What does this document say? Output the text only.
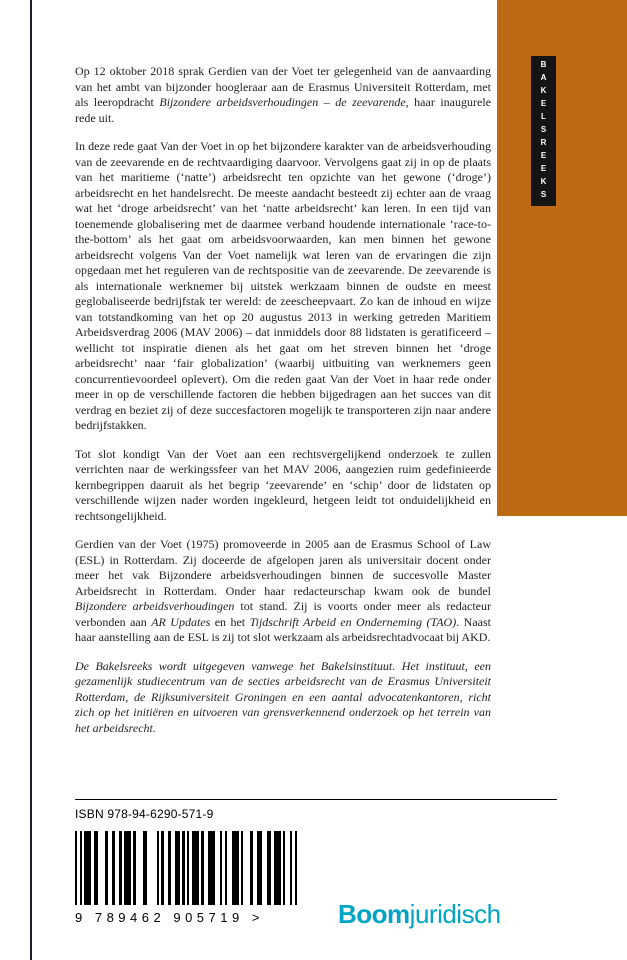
BAKELSREEKS

Op 12 oktober 2018 sprak Gerdien van der Voet ter gelegenheid van de aanvaarding van het ambt van bijzonder hoogleraar aan de Erasmus Universiteit Rotterdam, met als leeropdracht Bijzondere arbeidsverhoudingen – de zeevarende, haar inaugurele rede uit.

In deze rede gaat Van der Voet in op het bijzondere karakter van de arbeidsverhouding van de zeevarende en de rechtvaardiging daarvoor. Vervolgens gaat zij in op de plaats van het maritieme (‘natte’) arbeidsrecht ten opzichte van het gewone (‘droge’) arbeidsrecht en het handelsrecht. De meeste aandacht besteedt zij echter aan de vraag wat het ‘droge arbeidsrecht’ van het ‘natte arbeidsrecht’ kan leren. In een tijd van toenemende globalisering met de daarmee verband houdende internationale ‘race-to-the-bottom’ als het gaat om arbeidsvoorwaarden, kan men binnen het gewone arbeidsrecht volgens Van der Voet namelijk wat leren van de ervaringen die zijn opgedaan met het reguleren van de rechtspositie van de zeevarende. De zeevarende is als internationale werknemer bij uitstek werkzaam binnen de oudste en meest geglobaliseerde bedrijfstak ter wereld: de zeescheepvaart. Zo kan de inhoud en wijze van totstandkoming van het op 20 augustus 2013 in werking getreden Maritiem Arbeidsverdrag 2006 (MAV 2006) – dat inmiddels door 88 lidstaten is geratificeerd – wellicht tot inspiratie dienen als het gaat om het streven binnen het ‘droge arbeidsrecht’ naar ‘fair globalization’ (waarbij uitbuiting van werknemers geen concurrentievoordeel oplevert). Om die reden gaat Van der Voet in haar rede onder meer in op de verschillende factoren die hebben bijgedragen aan het succes van dit verdrag en beziet zij of deze succesfactoren mogelijk te transporteren zijn naar andere bedrijfstakken.

Tot slot kondigt Van der Voet aan een rechtsvergelijkend onderzoek te zullen verrichten naar de werkingssfeer van het MAV 2006, aangezien ruim gedefinieerde kernbegrippen daaruit als het begrip ‘zeevarende’ en ‘schip’ door de lidstaten op verschillende wijzen nader worden ingekleurd, hetgeen leidt tot onduidelijkheid en rechtsongelijkheid.

Gerdien van der Voet (1975) promoveerde in 2005 aan de Erasmus School of Law (ESL) in Rotterdam. Zij doceerde de afgelopen jaren als universitair docent onder meer het vak Bijzondere arbeidsverhoudingen binnen de succesvolle Master Arbeidsrecht in Rotterdam. Onder haar redacteurschap kwam ook de bundel Bijzondere arbeidsverhoudingen tot stand. Zij is voorts onder meer als redacteur verbonden aan AR Updates en het Tijdschrift Arbeid en Onderneming (TAO). Naast haar aanstelling aan de ESL is zij tot slot werkzaam als arbeidsrechtadvocaat bij AKD.

De Bakelsreeks wordt uitgegeven vanwege het Bakelsinstituut. Het instituut, een gezamenlijk studiecentrum van de secties arbeidsrecht van de Erasmus Universiteit Rotterdam, de Rijksuniversiteit Groningen en een aantal advocatenkantoren, richt zich op het initiëren en uitvoeren van grensverkennend onderzoek op het terrein van het arbeidsrecht.

ISBN 978-94-6290-571-9
9 789462 905719 >	Boomjuridisch
